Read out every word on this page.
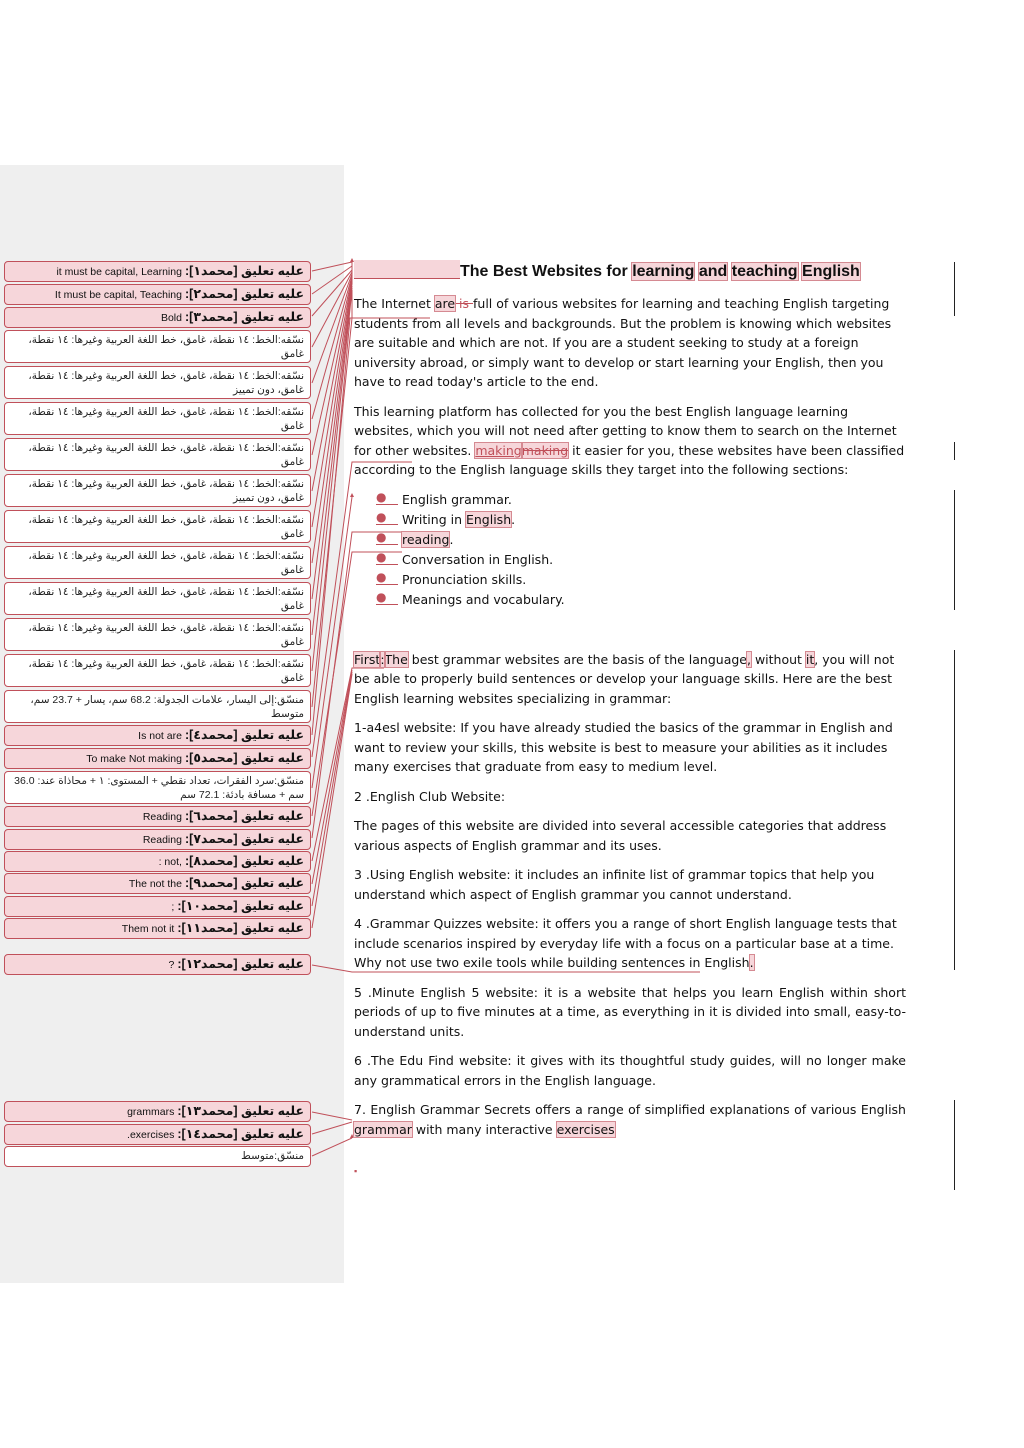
عليه تعليق [محمد١]: it must be capital, Learning
عليه تعليق [محمد٢]: It must be capital, Teaching
عليه تعليق [محمد٣]: Bold
نسّقه:الخط: ١٤ نقطة، غامق، خط اللغة العربية وغيرها: ١٤ نقطة، غامق
نسّقه:الخط: ١٤ نقطة، غامق، خط اللغة العربية وغيرها: ١٤ نقطة، غامق، دون تمييز
نسّقه:الخط: ١٤ نقطة، غامق، خط اللغة العربية وغيرها: ١٤ نقطة، غامق
نسّقه:الخط: ١٤ نقطة، غامق، خط اللغة العربية وغيرها: ١٤ نقطة، غامق
نسّقه:الخط: ١٤ نقطة، غامق، خط اللغة العربية وغيرها: ١٤ نقطة، غامق، دون تمييز
نسّقه:الخط: ١٤ نقطة، غامق، خط اللغة العربية وغيرها: ١٤ نقطة، غامق
نسّقه:الخط: ١٤ نقطة، غامق، خط اللغة العربية وغيرها: ١٤ نقطة، غامق
نسّقه:الخط: ١٤ نقطة، غامق، خط اللغة العربية وغيرها: ١٤ نقطة، غامق
نسّقه:الخط: ١٤ نقطة، غامق، خط اللغة العربية وغيرها: ١٤ نقطة، غامق
نسّقه:الخط: ١٤ نقطة، غامق، خط اللغة العربية وغيرها: ١٤ نقطة، غامق
منسّق:إلى اليسار، علامات الجدولة: 68.2 سم، يسار + 23.7 سم، متوسط
عليه تعليق [محمد٤]: Is not are
عليه تعليق [محمد٥]: To make Not making
منسّق:سرد الفقرات، تعداد نقطي + المستوى: ١ + محاذاة عند: 36.0 سم + مسافة بادئة: 72.1 سم
عليه تعليق [محمد٦]: Reading
عليه تعليق [محمد٧]: Reading
عليه تعليق [محمد٨]: ,not :
عليه تعليق [محمد٩]: The not the
عليه تعليق [محمد١٠]: ;
عليه تعليق [محمد١١]: Them not it
عليه تعليق [محمد١٢]: ?
عليه تعليق [محمد١٣]: grammars
عليه تعليق [محمد١٤]: exercises.
منسّق:متوسط
The Best Websites for learning and teaching English

The Internet are is full of various websites for learning and teaching English targeting students from all levels and backgrounds. But the problem is knowing which websites are suitable and which are not. If you are a student seeking to study at a foreign university abroad, or simply want to develop or start learning your English, then you have to read today's article to the end.

This learning platform has collected for you the best English language learning websites, which you will not need after getting to know them to search on the Internet for other websites. makingmaking it easier for you, these websites have been classified according to the English language skills they target into the following sections:

●	English grammar.
●	Writing in English.
●	reading.
●	Conversation in English.
●	Pronunciation skills.
●	Meanings and vocabulary.

First:The best grammar websites are the basis of the language, without it, you will not be able to properly build sentences or develop your language skills. Here are the best English learning websites specializing in grammar:

1-a4esl website: If you have already studied the basics of the grammar in English and want to review your skills, this website is best to measure your abilities as it includes many exercises that graduate from easy to medium level.

2 .English Club Website:

The pages of this website are divided into several accessible categories that address various aspects of English grammar and its uses.

3 .Using English website: it includes an infinite list of grammar topics that help you understand which aspect of English grammar you cannot understand.

4 .Grammar Quizzes website: it offers you a range of short English language tests that include scenarios inspired by everyday life with a focus on a particular base at a time. Why not use two exile tools while building sentences in English.

5 .Minute English 5 website: it is a website that helps you learn English within short periods of up to five minutes at a time, as everything in it is divided into small, easy-to-understand units.

6 .The Edu Find website: it gives with its thoughtful study guides, will no longer make any grammatical errors in the English language.

7. English Grammar Secrets offers a range of simplified explanations of various English grammar with many interactive exercises

▪
